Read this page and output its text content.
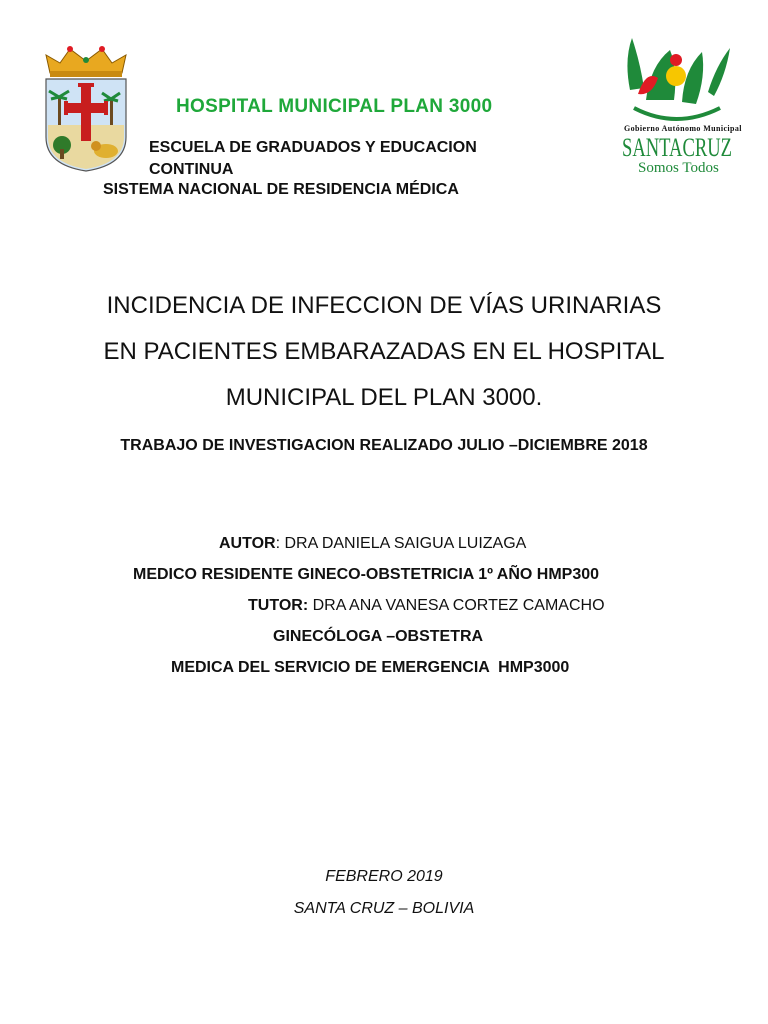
Gobierno Autónomo Municipal
SANTACRUZ
Somos Todos
HOSPITAL MUNICIPAL PLAN 3000
ESCUELA DE GRADUADOS Y EDUCACION
CONTINUA
SISTEMA NACIONAL DE RESIDENCIA MÉDICA
INCIDENCIA DE INFECCION DE VÍAS URINARIAS
EN PACIENTES EMBARAZADAS EN EL HOSPITAL
MUNICIPAL DEL PLAN 3000.
TRABAJO DE INVESTIGACION REALIZADO JULIO –DICIEMBRE 2018
AUTOR: DRA DANIELA SAIGUA LUIZAGA
MEDICO RESIDENTE GINECO-OBSTETRICIA 1º AÑO HMP300
TUTOR: DRA ANA VANESA CORTEZ CAMACHO
GINECÓLOGA –OBSTETRA
MEDICA DEL SERVICIO DE EMERGENCIA  HMP3000
FEBRERO 2019
SANTA CRUZ – BOLIVIA
